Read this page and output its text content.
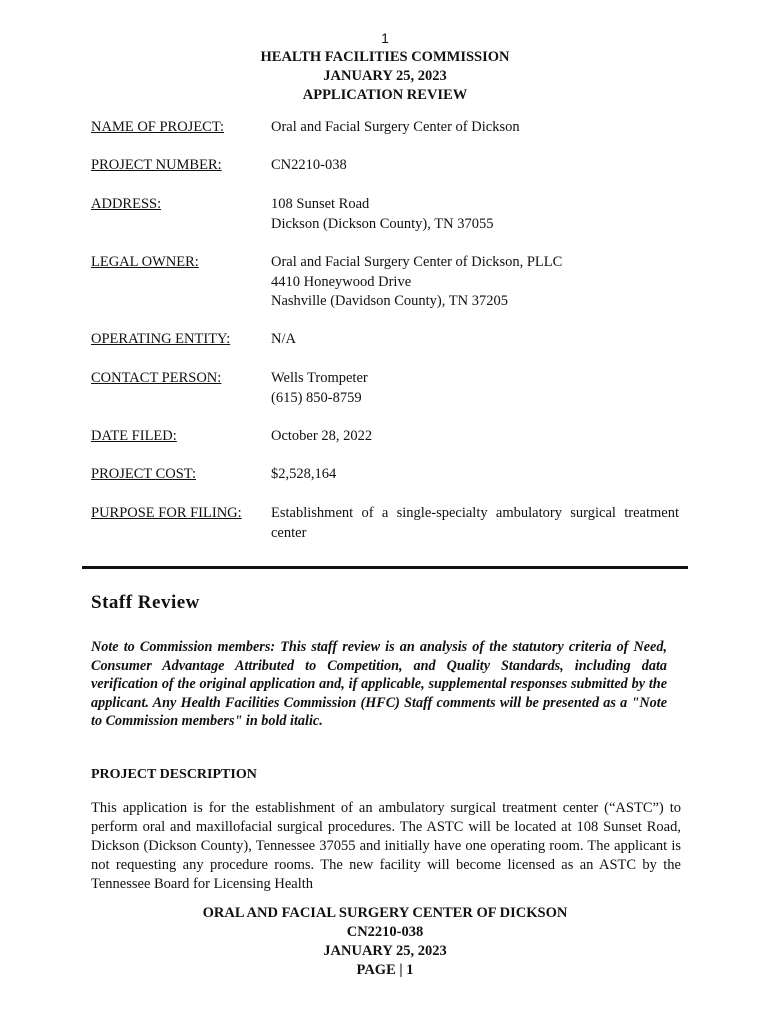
1
HEALTH FACILITIES COMMISSION
JANUARY 25, 2023
APPLICATION REVIEW
NAME OF PROJECT:	Oral and Facial Surgery Center of Dickson
PROJECT NUMBER:	CN2210-038
ADDRESS:	108 Sunset Road
Dickson (Dickson County), TN 37055
LEGAL OWNER:	Oral and Facial Surgery Center of Dickson, PLLC
4410 Honeywood Drive
Nashville (Davidson County), TN 37205
OPERATING ENTITY:	N/A
CONTACT PERSON:	Wells Trompeter
(615) 850-8759
DATE FILED:	October 28, 2022
PROJECT COST:	$2,528,164
PURPOSE FOR FILING: Establishment of a single-specialty ambulatory surgical treatment center
Staff Review
Note to Commission members: This staff review is an analysis of the statutory criteria of Need, Consumer Advantage Attributed to Competition, and Quality Standards, including data verification of the original application and, if applicable, supplemental responses submitted by the applicant. Any Health Facilities Commission (HFC) Staff comments will be presented as a "Note to Commission members" in bold italic.
PROJECT DESCRIPTION
This application is for the establishment of an ambulatory surgical treatment center (“ASTC”) to perform oral and maxillofacial surgical procedures. The ASTC will be located at 108 Sunset Road, Dickson (Dickson County), Tennessee 37055 and initially have one operating room. The applicant is not requesting any procedure rooms. The new facility will become licensed as an ASTC by the Tennessee Board for Licensing Health
ORAL AND FACIAL SURGERY CENTER OF DICKSON
CN2210-038
JANUARY 25, 2023
PAGE | 1
